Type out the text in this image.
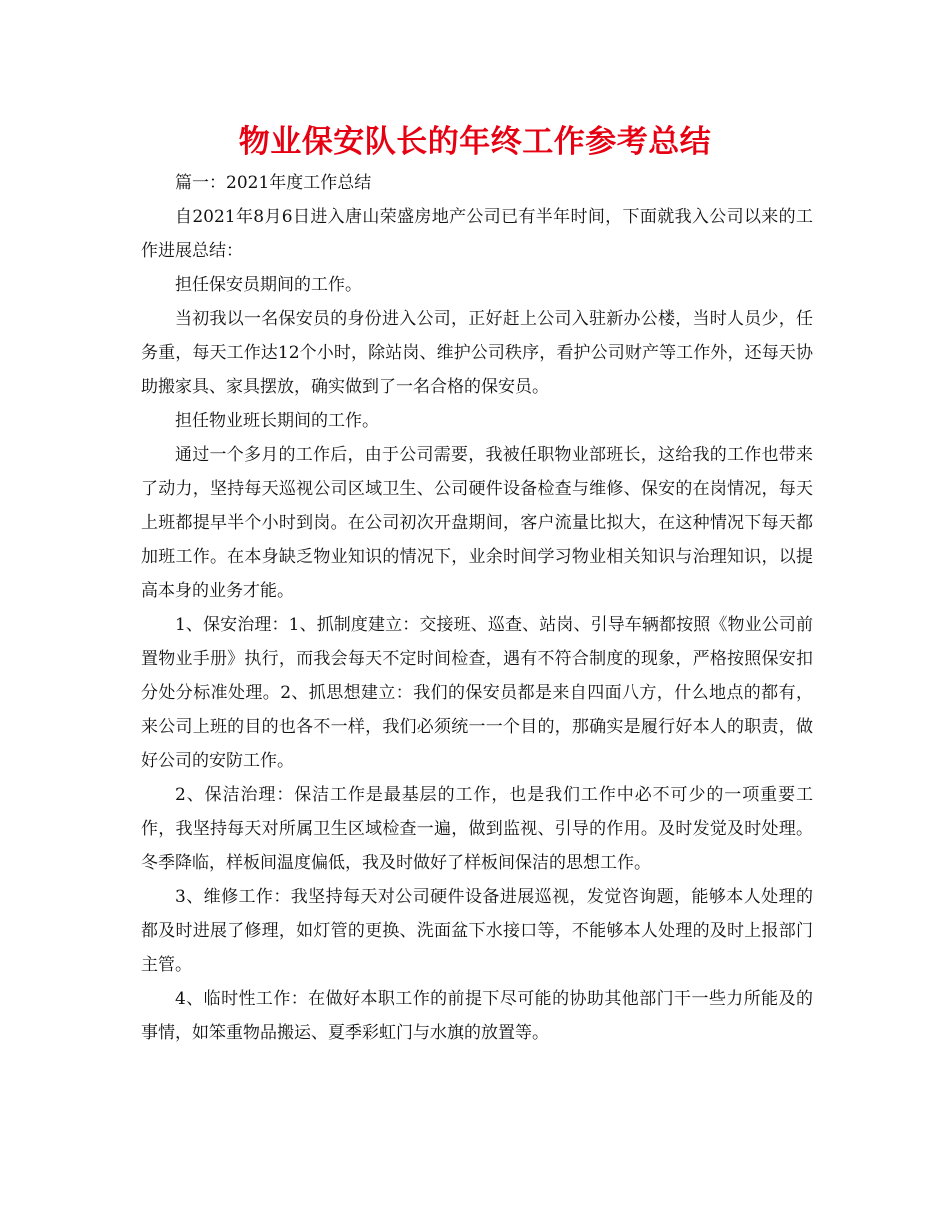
物业保安队长的年终工作参考总结

篇一：2021年度工作总结

自2021年8月6日进入唐山荣盛房地产公司已有半年时间，下面就我入公司以来的工作进展总结：

担任保安员期间的工作。

当初我以一名保安员的身份进入公司，正好赶上公司入驻新办公楼，当时人员少，任务重，每天工作达12个小时，除站岗、维护公司秩序，看护公司财产等工作外，还每天协助搬家具、家具摆放，确实做到了一名合格的保安员。

担任物业班长期间的工作。

通过一个多月的工作后，由于公司需要，我被任职物业部班长，这给我的工作也带来了动力，坚持每天巡视公司区域卫生、公司硬件设备检查与维修、保安的在岗情况，每天上班都提早半个小时到岗。在公司初次开盘期间，客户流量比拟大，在这种情况下每天都加班工作。在本身缺乏物业知识的情况下，业余时间学习物业相关知识与治理知识，以提高本身的业务才能。

1、保安治理：1、抓制度建立：交接班、巡查、站岗、引导车辆都按照《物业公司前置物业手册》执行，而我会每天不定时间检查，遇有不符合制度的现象，严格按照保安扣分处分标准处理。2、抓思想建立：我们的保安员都是来自四面八方，什么地点的都有，来公司上班的目的也各不一样，我们必须统一一个目的，那确实是履行好本人的职责，做好公司的安防工作。

2、保洁治理：保洁工作是最基层的工作，也是我们工作中必不可少的一项重要工作，我坚持每天对所属卫生区域检查一遍，做到监视、引导的作用。及时发觉及时处理。冬季降临，样板间温度偏低，我及时做好了样板间保洁的思想工作。

3、维修工作：我坚持每天对公司硬件设备进展巡视，发觉咨询题，能够本人处理的都及时进展了修理，如灯管的更换、洗面盆下水接口等，不能够本人处理的及时上报部门主管。

4、临时性工作：在做好本职工作的前提下尽可能的协助其他部门干一些力所能及的事情，如笨重物品搬运、夏季彩虹门与水旗的放置等。
